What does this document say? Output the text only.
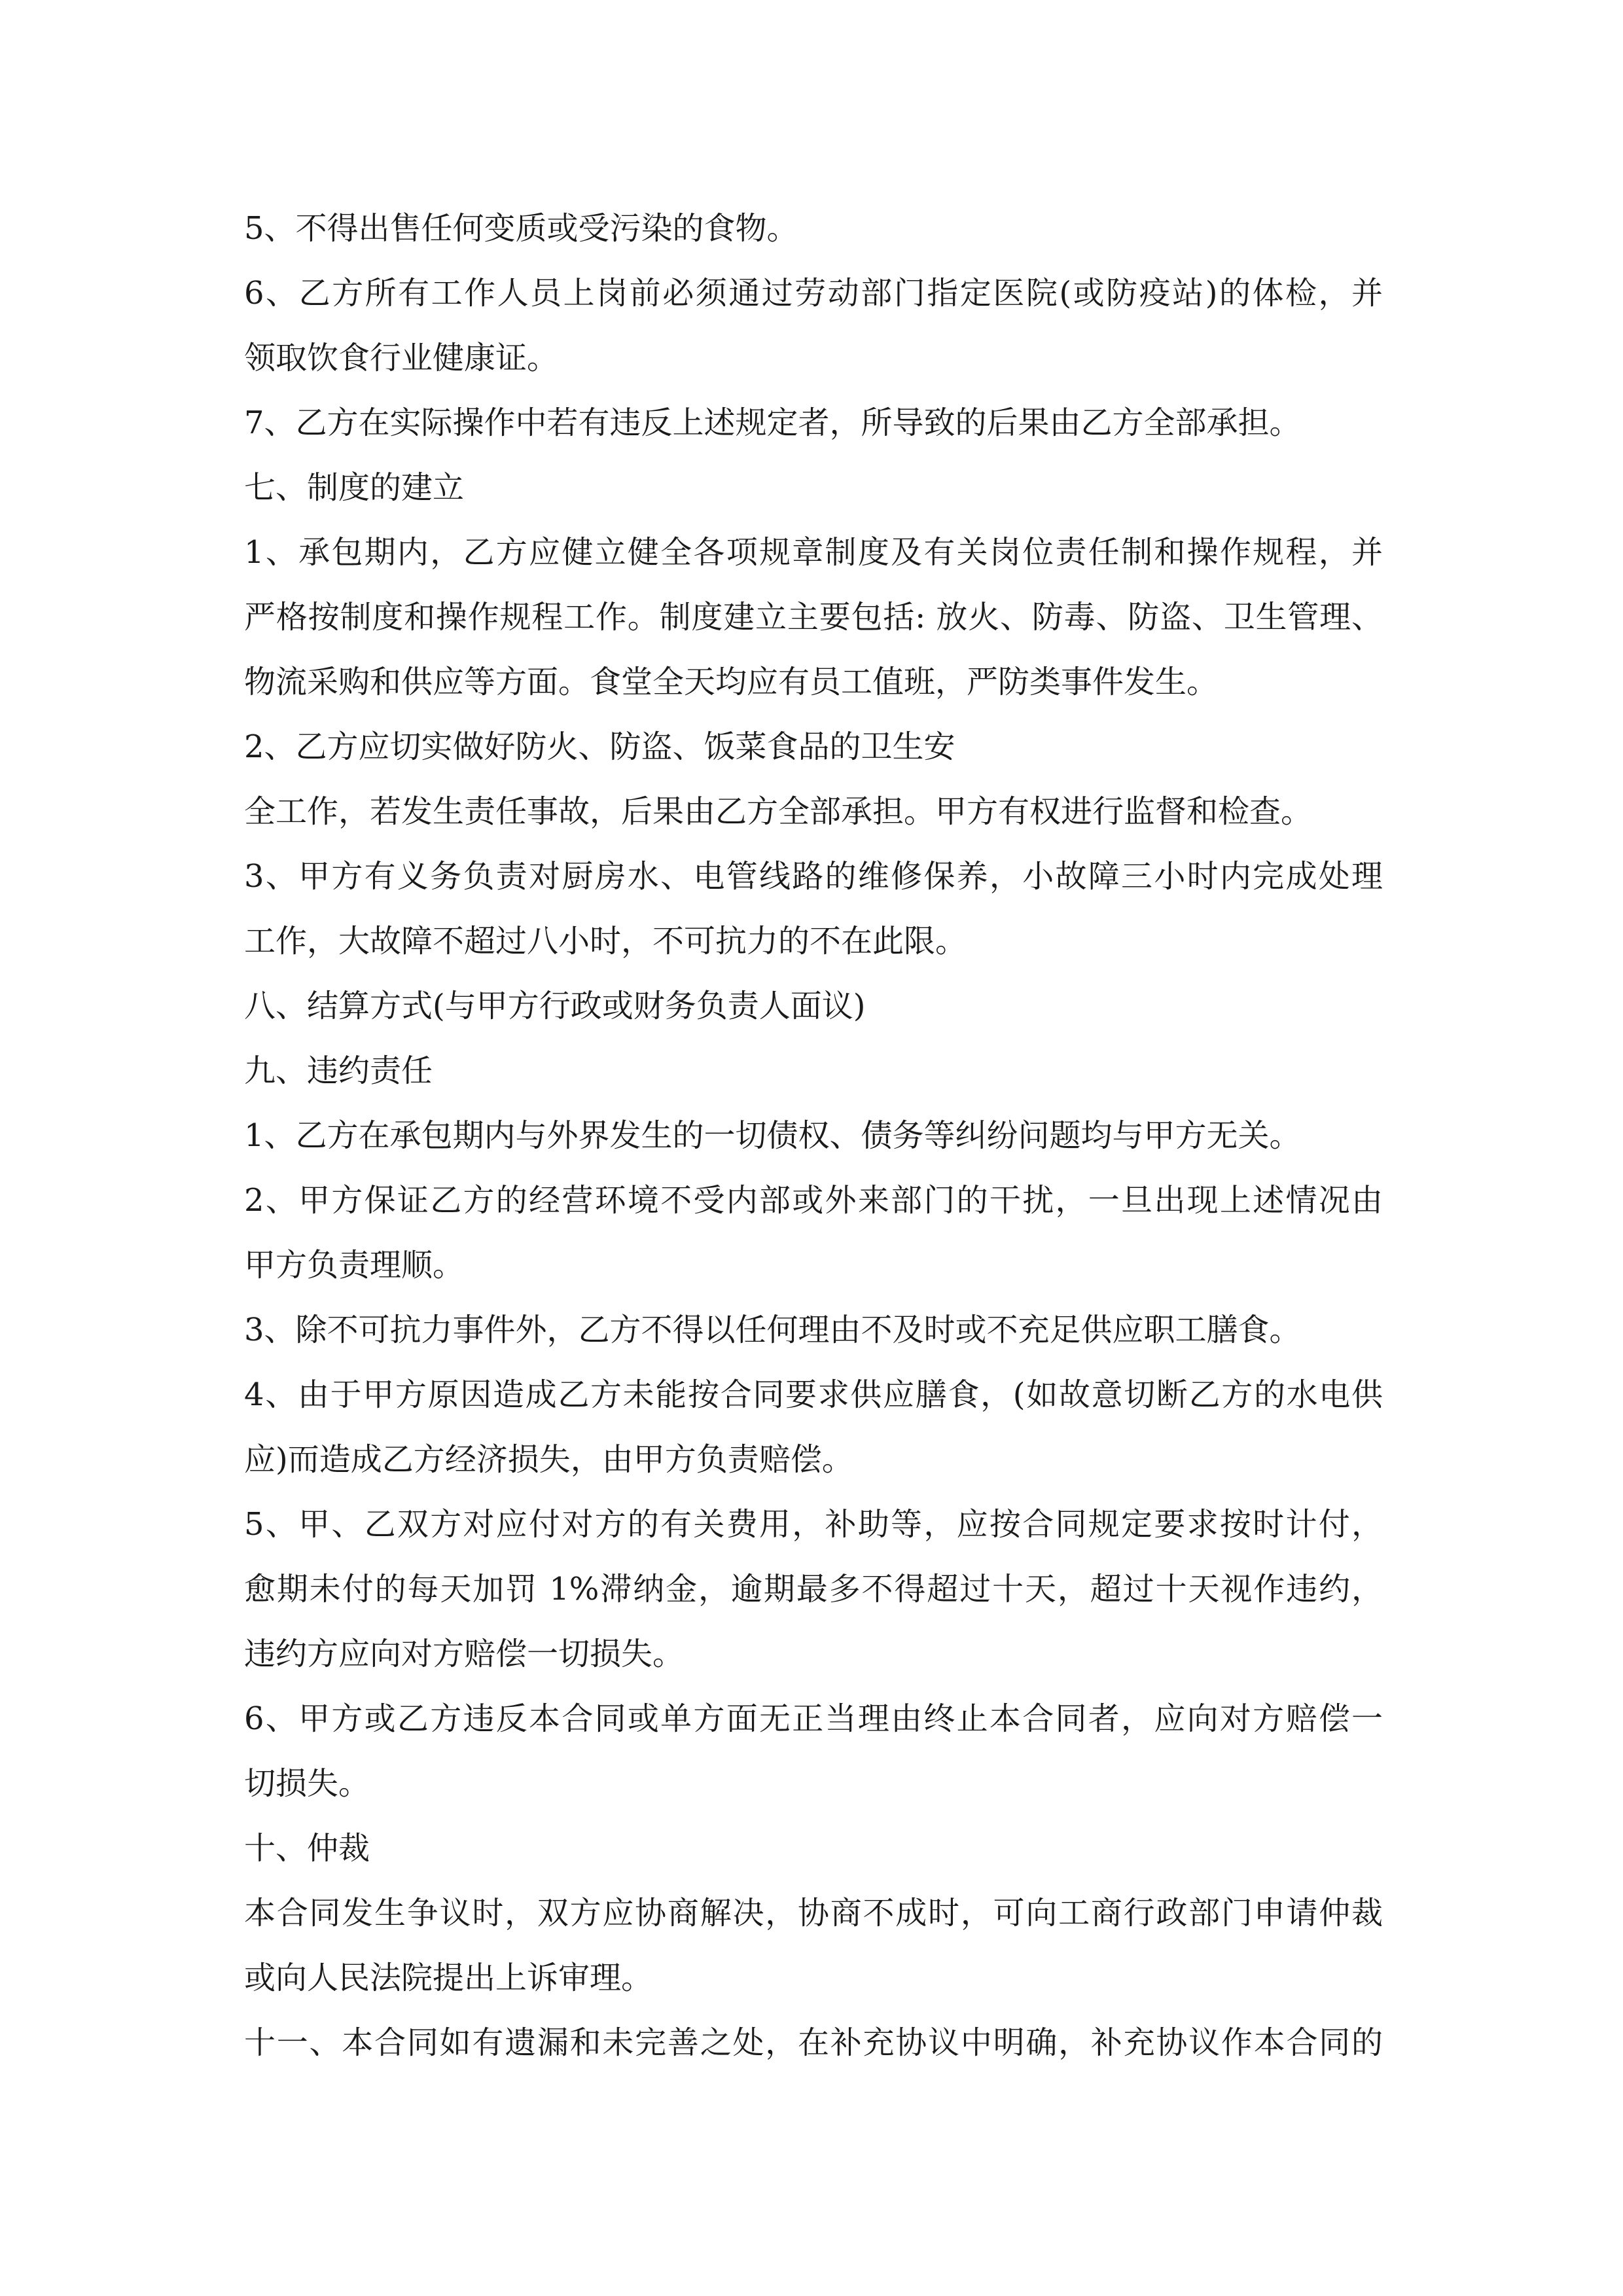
5、不得出售任何变质或受污染的食物。
6、乙方所有工作人员上岗前必须通过劳动部门指定医院(或防疫站)的体检，并
领取饮食行业健康证。
7、乙方在实际操作中若有违反上述规定者，所导致的后果由乙方全部承担。
七、制度的建立
1、承包期内，乙方应健立健全各项规章制度及有关岗位责任制和操作规程，并
严格按制度和操作规程工作。制度建立主要包括: 放火、防毒、防盗、卫生管理、
物流采购和供应等方面。食堂全天均应有员工值班，严防类事件发生。
2、乙方应切实做好防火、防盗、饭菜食品的卫生安
全工作，若发生责任事故，后果由乙方全部承担。甲方有权进行监督和检查。
3、甲方有义务负责对厨房水、电管线路的维修保养，小故障三小时内完成处理
工作，大故障不超过八小时，不可抗力的不在此限。
八、结算方式(与甲方行政或财务负责人面议)
九、违约责任
1、乙方在承包期内与外界发生的一切债权、债务等纠纷问题均与甲方无关。
2、甲方保证乙方的经营环境不受内部或外来部门的干扰，一旦出现上述情况由
甲方负责理顺。
3、除不可抗力事件外，乙方不得以任何理由不及时或不充足供应职工膳食。
4、由于甲方原因造成乙方未能按合同要求供应膳食，(如故意切断乙方的水电供
应)而造成乙方经济损失，由甲方负责赔偿。
5、甲、乙双方对应付对方的有关费用，补助等，应按合同规定要求按时计付，
愈期未付的每天加罚 1%滞纳金，逾期最多不得超过十天，超过十天视作违约，
违约方应向对方赔偿一切损失。
6、甲方或乙方违反本合同或单方面无正当理由终止本合同者，应向对方赔偿一
切损失。
十、仲裁
本合同发生争议时，双方应协商解决，协商不成时，可向工商行政部门申请仲裁
或向人民法院提出上诉审理。
十一、本合同如有遗漏和未完善之处，在补充协议中明确，补充协议作本合同的
